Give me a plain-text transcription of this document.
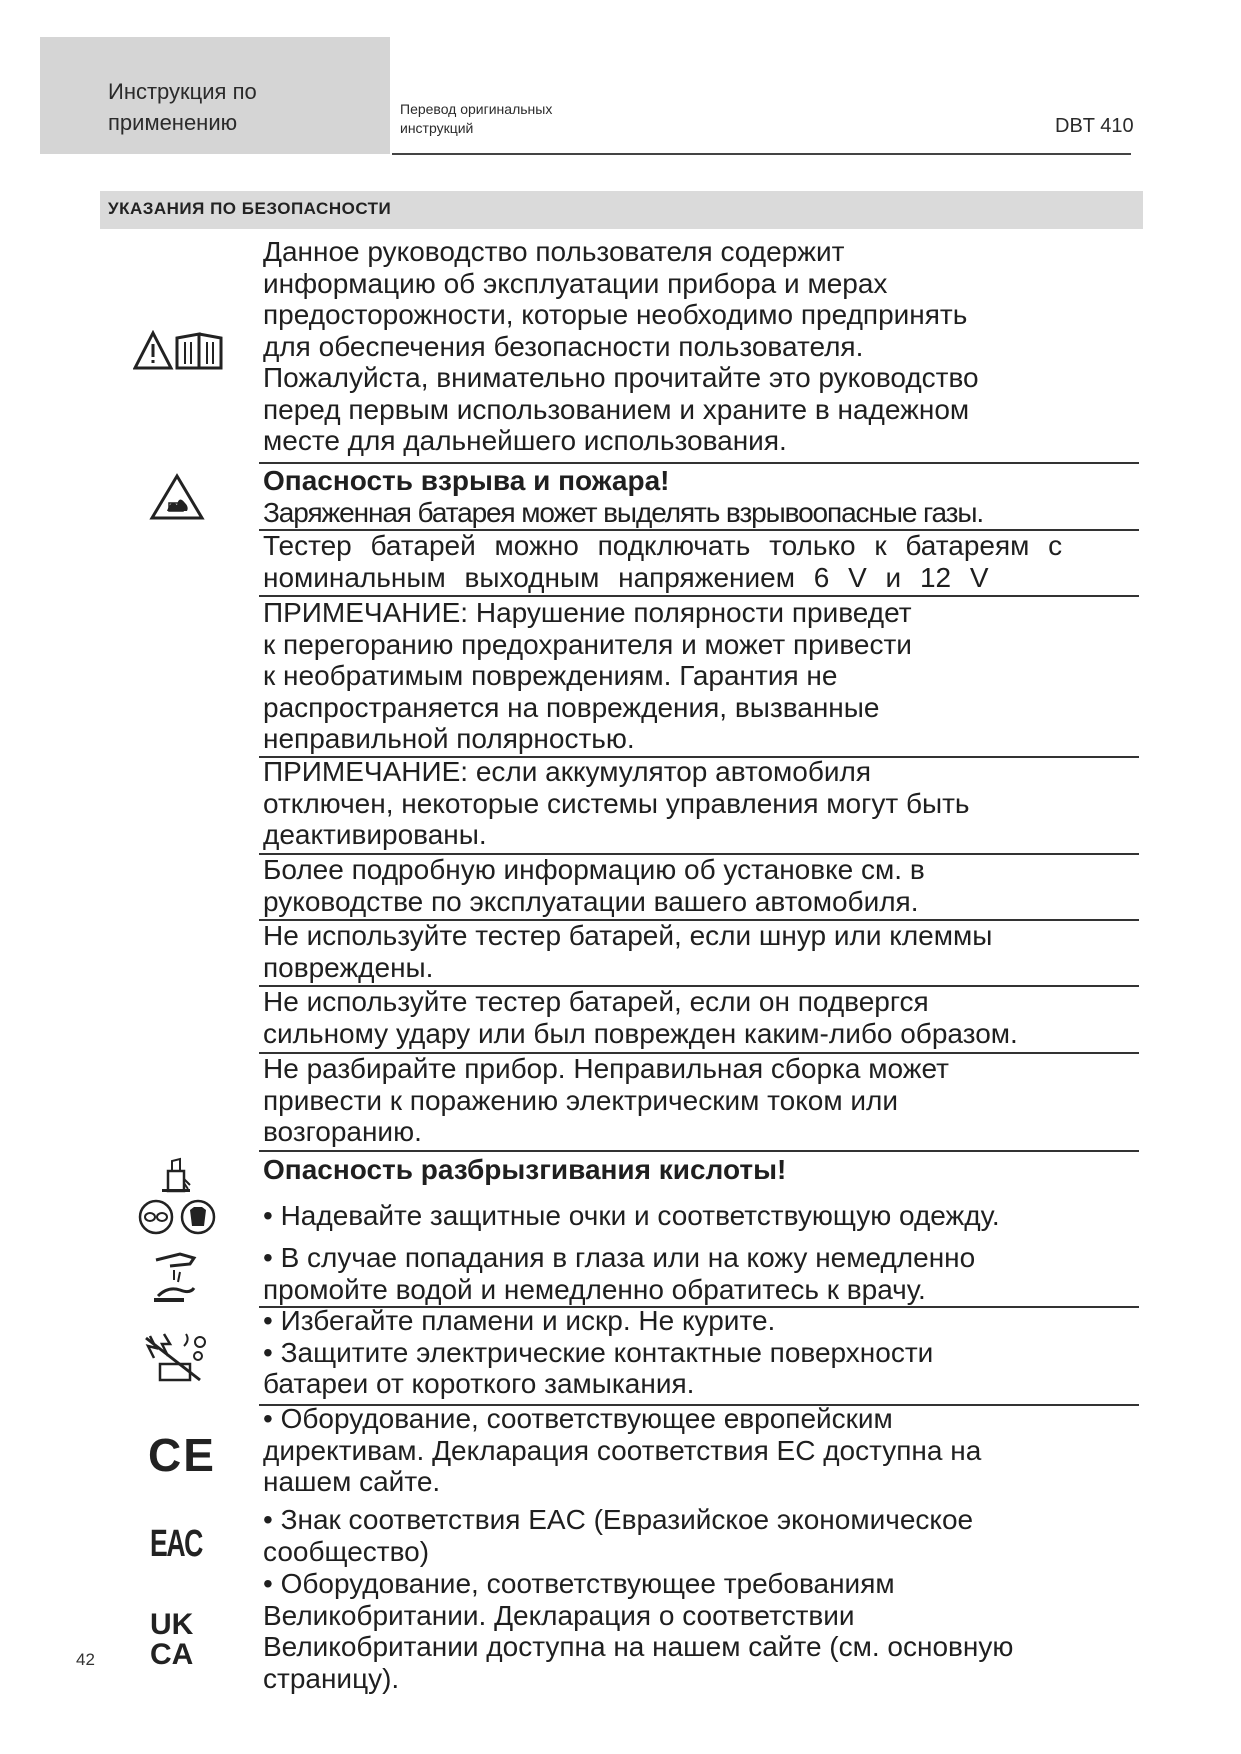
Инструкция по
применению
Перевод оригинальных
инструкций	DBT 410
УКАЗАНИЯ ПО БЕЗОПАСНОСТИ
CE
EAC
UK
CA
Данное руководство пользователя содержит
информацию об эксплуатации прибора и мерах
предосторожности, которые необходимо предпринять
для обеспечения безопасности пользователя.
Пожалуйста, внимательно прочитайте это руководство
перед первым использованием и храните в надежном
месте для дальнейшего использования.
Опасность взрыва и пожара!
Заряженная батарея может выделять взрывоопасные газы.
Тестер батарей можно подключать только к батареям с
номинальным выходным напряжением 6 V и 12 V
ПРИМЕЧАНИЕ: Нарушение полярности приведет
к перегоранию предохранителя и может привести
к необратимым повреждениям. Гарантия не
распространяется на повреждения, вызванные
неправильной полярностью.
ПРИМЕЧАНИЕ: если аккумулятор автомобиля
отключен, некоторые системы управления могут быть
деактивированы.
Более подробную информацию об установке см. в
руководстве по эксплуатации вашего автомобиля.
Не используйте тестер батарей, если шнур или клеммы
повреждены.
Не используйте тестер батарей, если он подвергся
сильному удару или был поврежден каким-либо образом.
Не разбирайте прибор. Неправильная сборка может
привести к поражению электрическим током или
возгоранию.
Опасность разбрызгивания кислоты!
• Надевайте защитные очки и соответствующую одежду.
• В случае попадания в глаза или на кожу немедленно
промойте водой и немедленно обратитесь к врачу.
• Избегайте пламени и искр. Не курите.
• Защитите электрические контактные поверхности
батареи от короткого замыкания.
• Оборудование, соответствующее европейским
директивам. Декларация соответствия ЕС доступна на
нашем сайте.
• Знак соответствия EAC (Евразийское экономическое
сообщество)
• Оборудование, соответствующее требованиям
Великобритании. Декларация о соответствии
Великобритании доступна на нашем сайте (см. основную
страницу).
42
